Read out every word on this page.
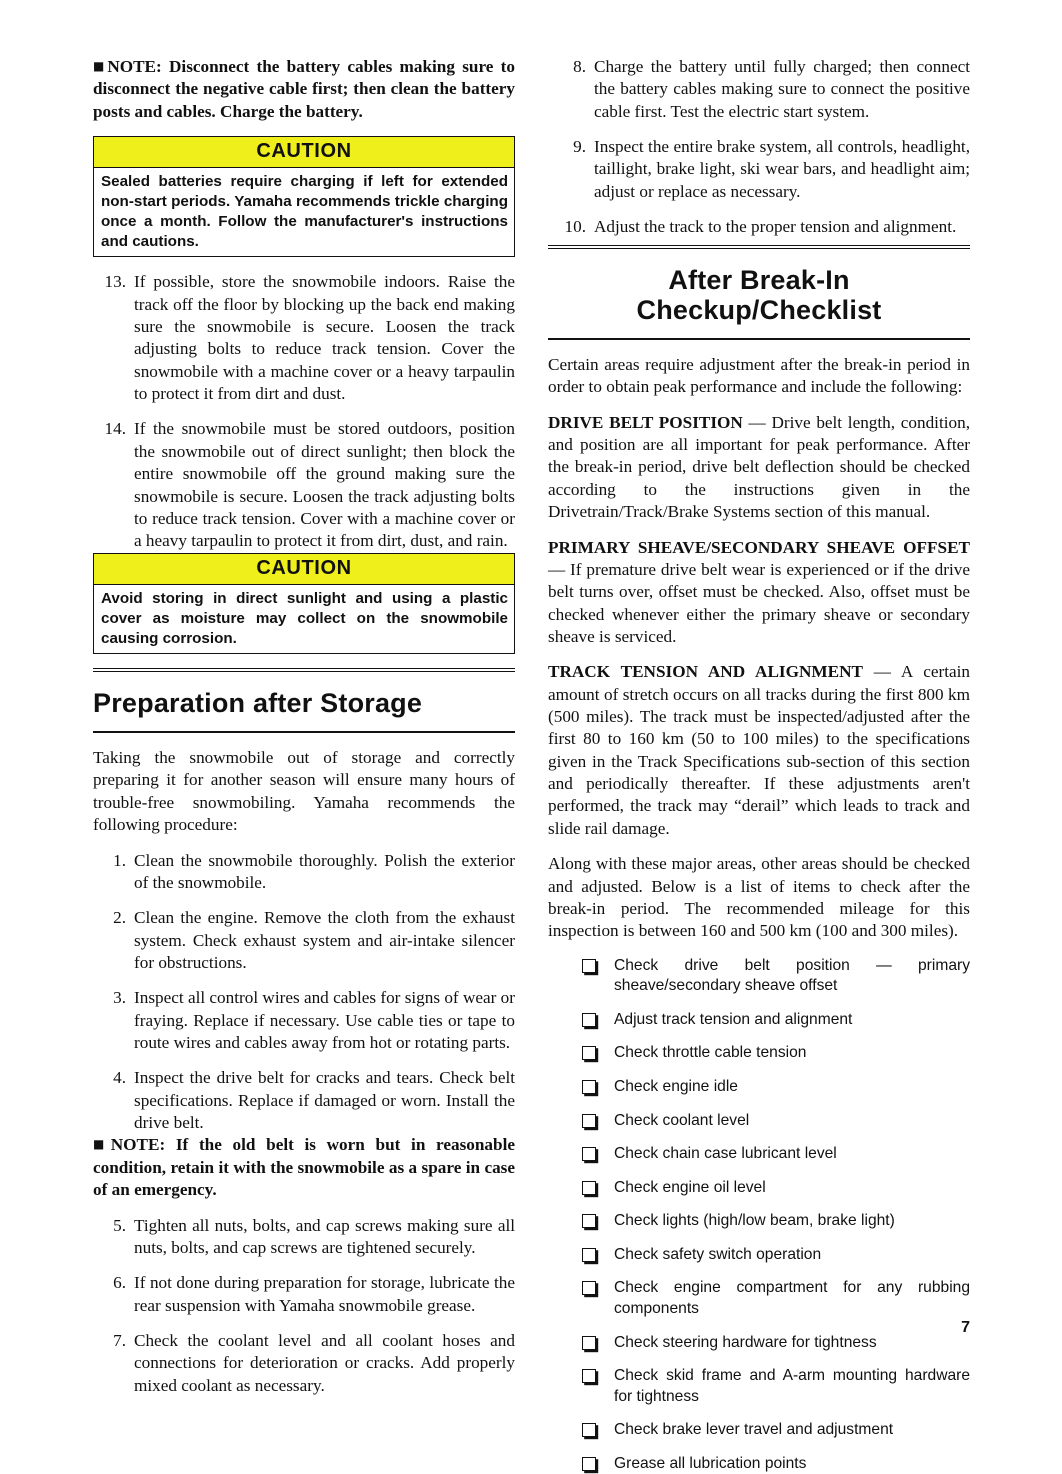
■NOTE: Disconnect the battery cables making sure to disconnect the negative cable first; then clean the battery posts and cables. Charge the battery.

CAUTION
Sealed batteries require charging if left for extended non-start periods. Yamaha recommends trickle charging once a month. Follow the manufacturer's instructions and cautions.
13. If possible, store the snowmobile indoors. Raise the track off the floor by blocking up the back end making sure the snowmobile is secure. Loosen the track adjusting bolts to reduce track tension. Cover the snowmobile with a machine cover or a heavy tarpaulin to protect it from dirt and dust.
14. If the snowmobile must be stored outdoors, position the snowmobile out of direct sunlight; then block the entire snowmobile off the ground making sure the snowmobile is secure. Loosen the track adjusting bolts to reduce track tension. Cover with a machine cover or a heavy tarpaulin to protect it from dirt, dust, and rain.
CAUTION
Avoid storing in direct sunlight and using a plastic cover as moisture may collect on the snowmobile causing corrosion.
Preparation after Storage

Taking the snowmobile out of storage and correctly preparing it for another season will ensure many hours of trouble-free snowmobiling. Yamaha recommends the following procedure:

1. Clean the snowmobile thoroughly. Polish the exterior of the snowmobile.
2. Clean the engine. Remove the cloth from the exhaust system. Check exhaust system and air-intake silencer for obstructions.
3. Inspect all control wires and cables for signs of wear or fraying. Replace if necessary. Use cable ties or tape to route wires and cables away from hot or rotating parts.
4. Inspect the drive belt for cracks and tears. Check belt specifications. Replace if damaged or worn. Install the drive belt.

■NOTE: If the old belt is worn but in reasonable condition, retain it with the snowmobile as a spare in case of an emergency.

5. Tighten all nuts, bolts, and cap screws making sure all nuts, bolts, and cap screws are tightened securely.
6. If not done during preparation for storage, lubricate the rear suspension with Yamaha snowmobile grease.
7. Check the coolant level and all coolant hoses and connections for deterioration or cracks. Add properly mixed coolant as necessary.
8. Charge the battery until fully charged; then connect the battery cables making sure to connect the positive cable first. Test the electric start system.
9. Inspect the entire brake system, all controls, headlight, taillight, brake light, ski wear bars, and headlight aim; adjust or replace as necessary.
10. Adjust the track to the proper tension and alignment.
After Break-In
Checkup/Checklist

Certain areas require adjustment after the break-in period in order to obtain peak performance and include the following:

DRIVE BELT POSITION — Drive belt length, condition, and position are all important for peak performance. After the break-in period, drive belt deflection should be checked according to the instructions given in the Drivetrain/Track/Brake Systems section of this manual.

PRIMARY SHEAVE/SECONDARY SHEAVE OFFSET — If premature drive belt wear is experienced or if the drive belt turns over, offset must be checked. Also, offset must be checked whenever either the primary sheave or secondary sheave is serviced.

TRACK TENSION AND ALIGNMENT — A certain amount of stretch occurs on all tracks during the first 800 km (500 miles). The track must be inspected/adjusted after the first 80 to 160 km (50 to 100 miles) to the specifications given in the Track Specifications sub-section of this section and periodically thereafter. If these adjustments aren't performed, the track may “derail” which leads to track and slide rail damage.

Along with these major areas, other areas should be checked and adjusted. Below is a list of items to check after the break-in period. The recommended mileage for this inspection is between 160 and 500 km (100 and 300 miles).

Check drive belt position — primary sheave/secondary sheave offset
Adjust track tension and alignment
Check throttle cable tension
Check engine idle
Check coolant level
Check chain case lubricant level
Check engine oil level
Check lights (high/low beam, brake light)
Check safety switch operation
Check engine compartment for any rubbing components
Check steering hardware for tightness
Check skid frame and A-arm mounting hardware for tightness
Check brake lever travel and adjustment
Grease all lubrication points
7
